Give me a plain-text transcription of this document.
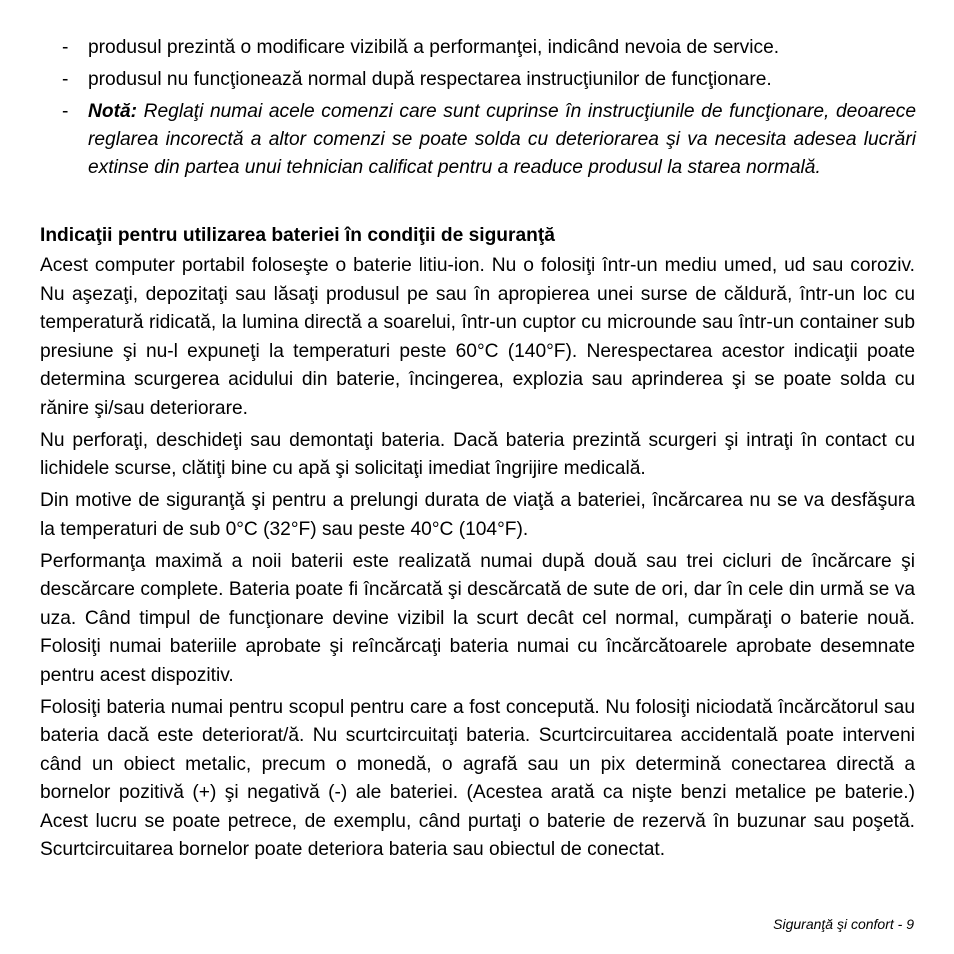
-	produsul prezintă o modificare vizibilă a performanţei, indicând nevoia de service.
-	produsul nu funcţionează normal după respectarea instrucţiunilor de funcţionare.
-	Notă: Reglaţi numai acele comenzi care sunt cuprinse în instrucţiunile de funcţionare, deoarece reglarea incorectă a altor comenzi se poate solda cu deteriorarea şi va necesita adesea lucrări extinse din partea unui tehnician calificat pentru a readuce produsul la starea normală.
Indicaţii pentru utilizarea bateriei în condiţii de siguranţă

Acest computer portabil foloseşte o baterie litiu-ion. Nu o folosiţi într-un mediu umed, ud sau coroziv. Nu aşezaţi, depozitaţi sau lăsaţi produsul pe sau în apropierea unei surse de căldură, într-un loc cu temperatură ridicată, la lumina directă a soarelui, într-un cuptor cu microunde sau într-un container sub presiune şi nu-l expuneţi la temperaturi peste 60°C (140°F). Nerespectarea acestor indicaţii poate determina scurgerea acidului din baterie, încingerea, explozia sau aprinderea şi se poate solda cu rănire şi/sau deteriorare.

Nu perforaţi, deschideţi sau demontaţi bateria. Dacă bateria prezintă scurgeri şi intraţi în contact cu lichidele scurse, clătiţi bine cu apă şi solicitaţi imediat îngrijire medicală.

Din motive de siguranţă şi pentru a prelungi durata de viaţă a bateriei, încărcarea nu se va desfăşura la temperaturi de sub 0°C (32°F) sau peste 40°C (104°F).

Performanţa maximă a noii baterii este realizată numai după două sau trei cicluri de încărcare şi descărcare complete. Bateria poate fi încărcată şi descărcată de sute de ori, dar în cele din urmă se va uza. Când timpul de funcţionare devine vizibil la scurt decât cel normal, cumpăraţi o baterie nouă. Folosiţi numai bateriile aprobate şi reîncărcaţi bateria numai cu încărcătoarele aprobate desemnate pentru acest dispozitiv.

Folosiţi bateria numai pentru scopul pentru care a fost concepută. Nu folosiţi niciodată încărcătorul sau bateria dacă este deteriorat/ă. Nu scurtcircuitaţi bateria. Scurtcircuitarea accidentală poate interveni când un obiect metalic, precum o monedă, o agrafă sau un pix determină conectarea directă a bornelor pozitivă (+) şi negativă (-) ale bateriei. (Acestea arată ca nişte benzi metalice pe baterie.) Acest lucru se poate petrece, de exemplu, când purtaţi o baterie de rezervă în buzunar sau poşetă. Scurtcircuitarea bornelor poate deteriora bateria sau obiectul de conectat.

Siguranţă şi confort - 9
